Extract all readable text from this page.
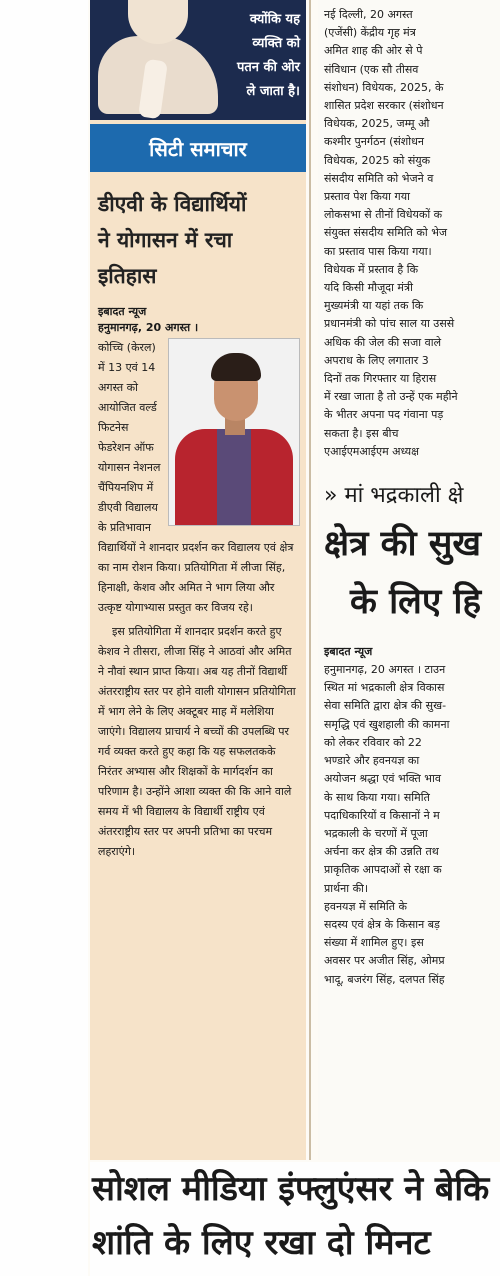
क्योंकि यह
व्यक्ति को
पतन की ओर
ले जाता है।
सिटी समाचार
डीएवी के विद्यार्थियों
ने योगासन में रचा
इतिहास
इबादत न्यूज
हनुमानगढ़, 20 अगस्त ।

कोच्चि (केरल) में 13 एवं 14 अगस्त को आयोजित वर्ल्ड फिटनेस फेडरेशन ऑफ योगासन नेशनल चैंपियनशिप में डीएवी विद्यालय के प्रतिभावान विद्यार्थियों ने शानदार प्रदर्शन कर विद्यालय एवं क्षेत्र का नाम रोशन किया। प्रतियोगिता में लीजा सिंह, हिनाक्षी, केशव और अमित ने भाग लिया और उत्कृष्ट योगाभ्यास प्रस्तुत कर विजय रहे।

इस प्रतियोगिता में शानदार प्रदर्शन करते हुए केशव ने तीसरा, लीजा सिंह ने आठवां और अमित ने नौवां स्थान प्राप्त किया। अब यह तीनों विद्यार्थी अंतरराष्ट्रीय स्तर पर होने वाली योगासन प्रतियोगिता में भाग लेने के लिए अक्टूबर माह में मलेशिया जाएंगे। विद्यालय प्राचार्य ने बच्चों की उपलब्धि पर गर्व व्यक्त करते हुए कहा कि यह सफलतकके निरंतर अभ्यास और शिक्षकों के मार्गदर्शन का परिणाम है। उन्होंने आशा व्यक्त की कि आने वाले समय में भी विद्यालय के विद्यार्थी राष्ट्रीय एवं अंतरराष्ट्रीय स्तर पर अपनी प्रतिभा का परचम लहराएंगे।

नई दिल्ली, 20 अगस्त
(एजेंसी) केंद्रीय गृह मंत्र
अमित शाह की ओर से पे
संविधान (एक सौ तीसव
संशोधन) विधेयक, 2025, के
शासित प्रदेश सरकार (संशोधन
विधेयक, 2025, जम्मू औ
कश्मीर पुनर्गठन (संशोधन
विधेयक, 2025 को संयुक
संसदीय समिति को भेजने व
प्रस्ताव पेश किया गया
लोकसभा से तीनों विधेयकों क
संयुक्त संसदीय समिति को भेज
का प्रस्ताव पास किया गया।
विधेयक में प्रस्ताव है कि
यदि किसी मौजूदा मंत्री
मुख्यमंत्री या यहां तक कि
प्रधानमंत्री को पांच साल या उससे
अधिक की जेल की सजा वाले
अपराध के लिए लगातार 3
दिनों तक गिरफ्तार या हिरास
में रखा जाता है तो उन्हें एक महीने
के भीतर अपना पद गंवाना पड़
सकता है। इस बीच
एआईएमआईएम अध्यक्ष
» मां भद्रकाली क्षे
क्षेत्र की सुख
के लिए हि
इबादत न्यूज
हनुमानगढ़, 20 अगस्त । टाउन
स्थित मां भद्रकाली क्षेत्र विकास
सेवा समिति द्वारा क्षेत्र की सुख-
समृद्धि एवं खुशहाली की कामना
को लेकर रविवार को 22
भण्डारे और हवनयज्ञ का
अयोजन श्रद्धा एवं भक्ति भाव
के साथ किया गया। समिति
पदाधिकारियों व किसानों ने म
भद्रकाली के चरणों में पूजा
अर्चना कर क्षेत्र की उन्नति तथ
प्राकृतिक आपदाओं से रक्षा क
प्रार्थना की।
हवनयज्ञ में समिति के
सदस्य एवं क्षेत्र के किसान बड़
संख्या में शामिल हुए। इस
अवसर पर अजीत सिंह, ओमप्र
भादू, बजरंग सिंह, दलपत सिंह
सोशल मीडिया इंफ्लुएंसर ने बेकि
शांति के लिए रखा दो मिनट
